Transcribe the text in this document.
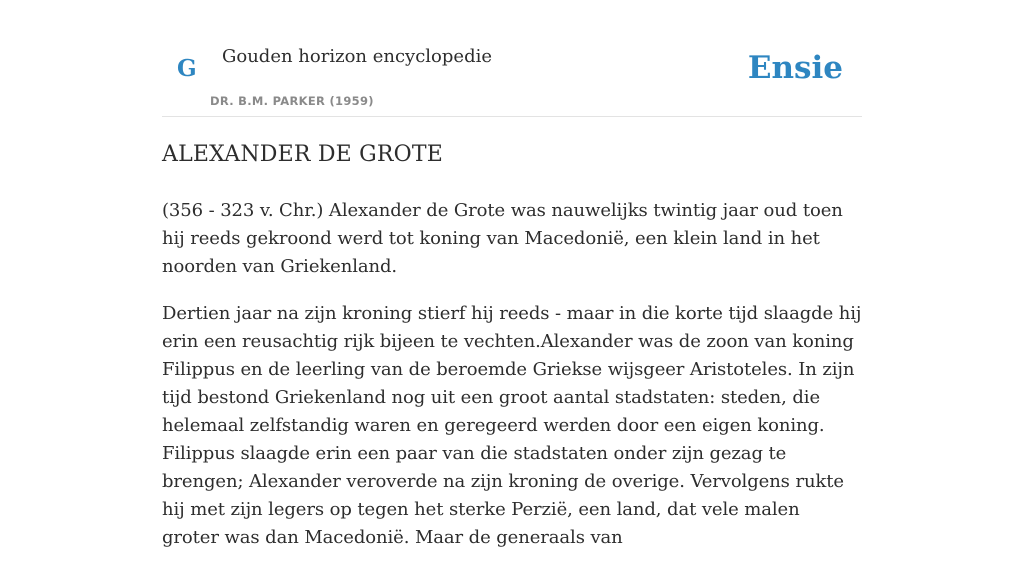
G Gouden horizon encyclopedie
DR. B.M. PARKER (1959)
Ensie
ALEXANDER DE GROTE

(356 - 323 v. Chr.) Alexander de Grote was nauwelijks twintig jaar oud toen hij reeds gekroond werd tot koning van Macedonië, een klein land in het noorden van Griekenland.

Dertien jaar na zijn kroning stierf hij reeds - maar in die korte tijd slaagde hij erin een reusachtig rijk bijeen te vechten.Alexander was de zoon van koning Filippus en de leerling van de beroemde Griekse wijsgeer Aristoteles. In zijn tijd bestond Griekenland nog uit een groot aantal stadstaten: steden, die helemaal zelfstandig waren en geregeerd werden door een eigen koning. Filippus slaagde erin een paar van die stadstaten onder zijn gezag te brengen; Alexander veroverde na zijn kroning de overige. Vervolgens rukte hij met zijn legers op tegen het sterke Perzië, een land, dat vele malen groter was dan Macedonië. Maar de generaals van
